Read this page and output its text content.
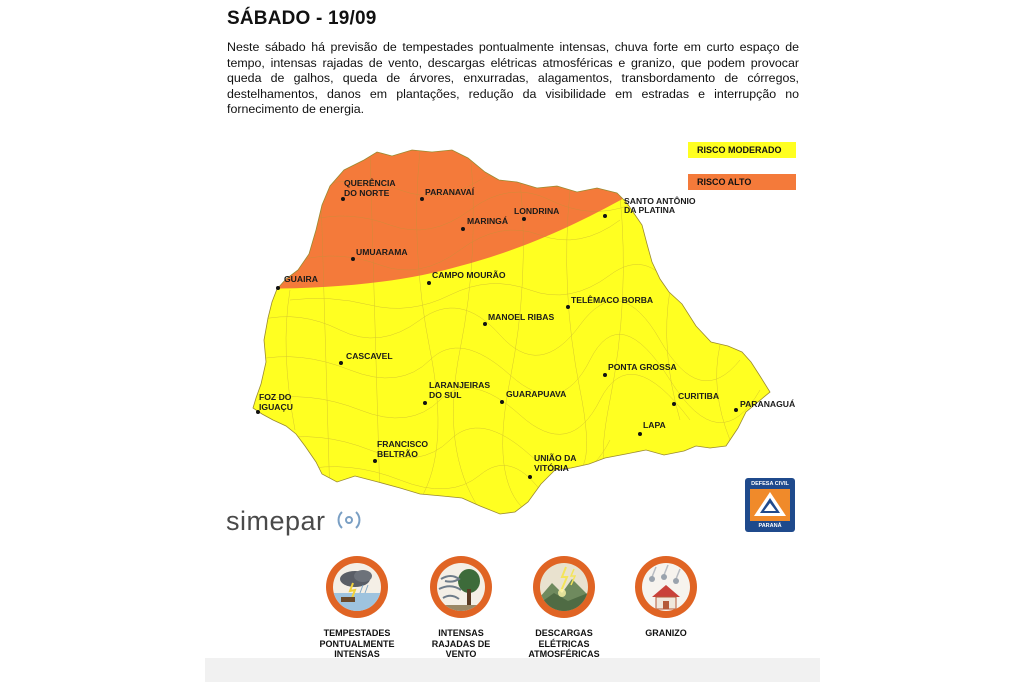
SÁBADO - 19/09

Neste sábado há previsão de tempestades pontualmente intensas, chuva forte em curto espaço de tempo, intensas rajadas de vento, descargas elétricas atmosféricas e granizo, que podem provocar queda de galhos, queda de árvores, enxurradas, alagamentos, transbordamento de córregos, destelhamentos, danos em plantações, redução da visibilidade em estradas e interrupção no fornecimento de energia.

RISCO MODERADO
RISCO ALTO
QUERÊNCIA DO NORTE	PARANAVAÍ
MARINGÁ
LONDRINA
SANTO ANTÔNIO DA PLATINA
UMUARAMA
GUAIRA	CAMPO MOURÃO
TELÊMACO BORBA
MANOEL RIBAS
CASCAVEL
PONTA GROSSA
FOZ DO IGUAÇU
LARANJEIRAS DO SUL	GUARAPUAVA	CURITIBA
PARANAGUÁ
LAPA
FRANCISCO BELTRÃO	UNIÃO DA VITÓRIA
simepar
DEFESA CIVIL
PARANÁ
TEMPESTADES
PONTUALMENTE
INTENSAS
INTENSAS
RAJADAS DE
VENTO
DESCARGAS
ELÉTRICAS
ATMOSFÉRICAS
GRANIZO
